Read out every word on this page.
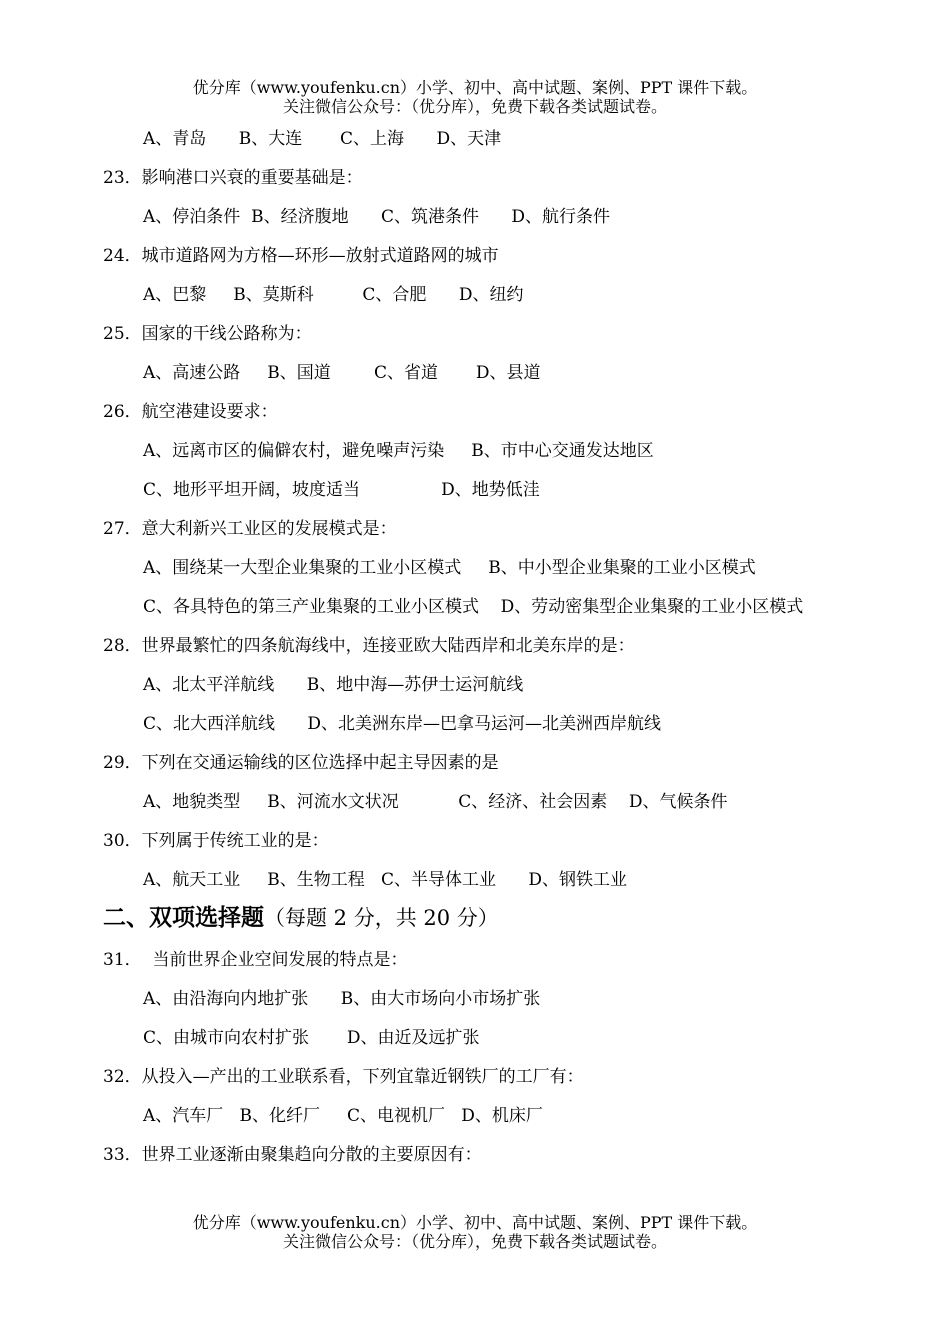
优分库（www.youfenku.cn）小学、初中、高中试题、案例、PPT 课件下载。
关注微信公众号：（优分库），免费下载各类试题试卷。
A、青岛      B、大连       C、上海      D、天津
23．影响港口兴衰的重要基础是：
A、停泊条件  B、经济腹地      C、筑港条件      D、航行条件
24．城市道路网为方格—环形—放射式道路网的城市
A、巴黎     B、莫斯科         C、合肥      D、纽约
25．国家的干线公路称为：
A、高速公路     B、国道        C、省道       D、县道
26．航空港建设要求：
A、远离市区的偏僻农村，避免噪声污染     B、市中心交通发达地区
C、地形平坦开阔，坡度适当               D、地势低洼
27．意大利新兴工业区的发展模式是：
A、围绕某一大型企业集聚的工业小区模式     B、中小型企业集聚的工业小区模式
C、各具特色的第三产业集聚的工业小区模式    D、劳动密集型企业集聚的工业小区模式
28．世界最繁忙的四条航海线中，连接亚欧大陆西岸和北美东岸的是：
A、北太平洋航线      B、地中海—苏伊士运河航线
C、北大西洋航线      D、北美洲东岸—巴拿马运河—北美洲西岸航线
29．下列在交通运输线的区位选择中起主导因素的是
A、地貌类型     B、河流水文状况           C、经济、社会因素    D、气候条件
30．下列属于传统工业的是：
A、航天工业     B、生物工程   C、半导体工业      D、钢铁工业
二、双项选择题（每题 2 分，共 20 分）
31．  当前世界企业空间发展的特点是：
A、由沿海向内地扩张      B、由大市场向小市场扩张
C、由城市向农村扩张       D、由近及远扩张
32．从投入—产出的工业联系看，下列宜靠近钢铁厂的工厂有：
A、汽车厂   B、化纤厂     C、电视机厂   D、机床厂
33．世界工业逐渐由聚集趋向分散的主要原因有：
优分库（www.youfenku.cn）小学、初中、高中试题、案例、PPT 课件下载。
关注微信公众号：（优分库），免费下载各类试题试卷。
